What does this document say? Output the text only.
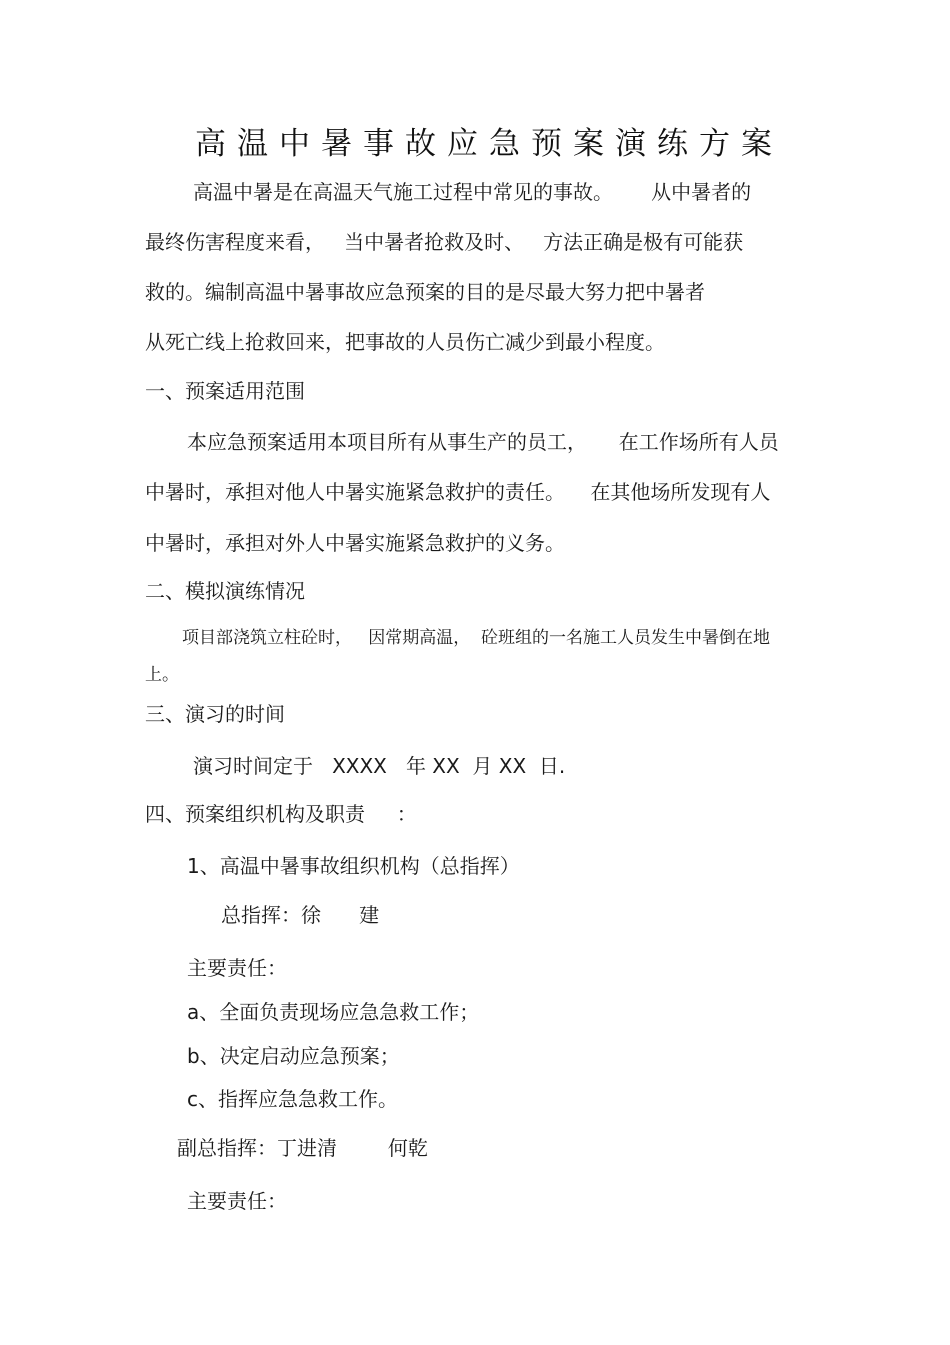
高温中暑事故应急预案演练方案
高温中暑是在高温天气施工过程中常见的事故。      从中暑者的
最终伤害程度来看，   当中暑者抢救及时、   方法正确是极有可能获
救的。编制高温中暑事故应急预案的目的是尽最大努力把中暑者
从死亡线上抢救回来，把事故的人员伤亡减少到最小程度。
一、预案适用范围
本应急预案适用本项目所有从事生产的员工，     在工作场所有人员
中暑时，承担对他人中暑实施紧急救护的责任。    在其他场所发现有人
中暑时，承担对外人中暑实施紧急救护的义务。
二、模拟演练情况
项目部浇筑立柱砼时，   因常期高温，  砼班组的一名施工人员发生中暑倒在地
上。
三、演习的时间
演习时间定于   XXXX   年 XX  月 XX  日.
四、预案组织机构及职责     ：
1、高温中暑事故组织机构（总指挥）
总指挥：徐      建
主要责任：
a、全面负责现场应急急救工作；
b、决定启动应急预案；
c、指挥应急急救工作。
副总指挥：丁进清        何乾
主要责任：
